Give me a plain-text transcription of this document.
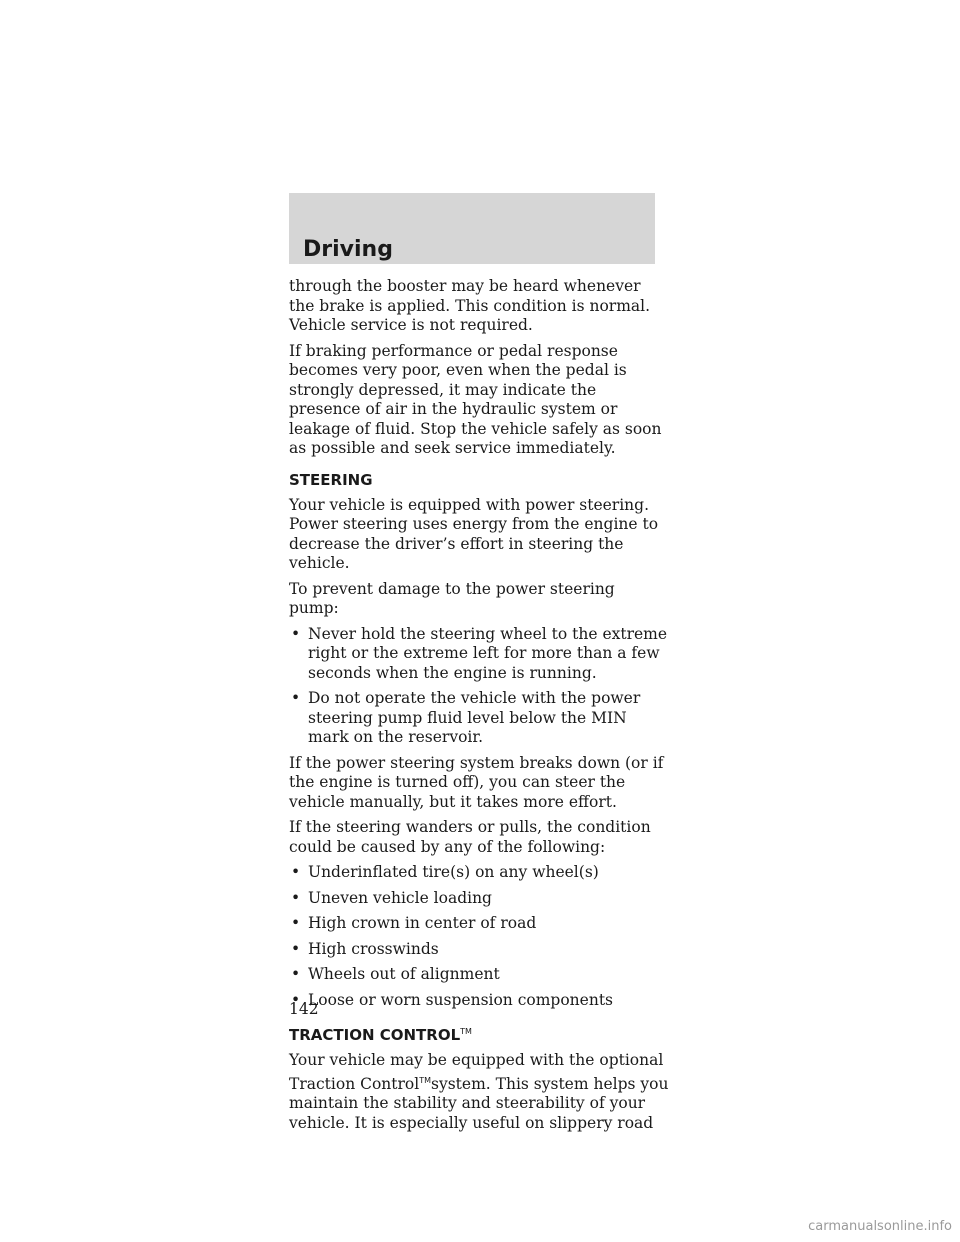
Driving

through the booster may be heard whenever the brake is applied. This condition is normal. Vehicle service is not required.

If braking performance or pedal response becomes very poor, even when the pedal is strongly depressed, it may indicate the presence of air in the hydraulic system or leakage of fluid. Stop the vehicle safely as soon as possible and seek service immediately.

STEERING

Your vehicle is equipped with power steering. Power steering uses energy from the engine to decrease the driver’s effort in steering the vehicle.

To prevent damage to the power steering pump:

• Never hold the steering wheel to the extreme right or the extreme left for more than a few seconds when the engine is running.
• Do not operate the vehicle with the power steering pump fluid level below the MIN mark on the reservoir.

If the power steering system breaks down (or if the engine is turned off), you can steer the vehicle manually, but it takes more effort.

If the steering wanders or pulls, the condition could be caused by any of the following:

• Underinflated tire(s) on any wheel(s)
• Uneven vehicle loading
• High crown in center of road
• High crosswinds
• Wheels out of alignment
• Loose or worn suspension components
TRACTION CONTROL™

Your vehicle may be equipped with the optional Traction Control™system. This system helps you maintain the stability and steerability of your vehicle. It is especially useful on slippery road

142
carmanualsonline.info
